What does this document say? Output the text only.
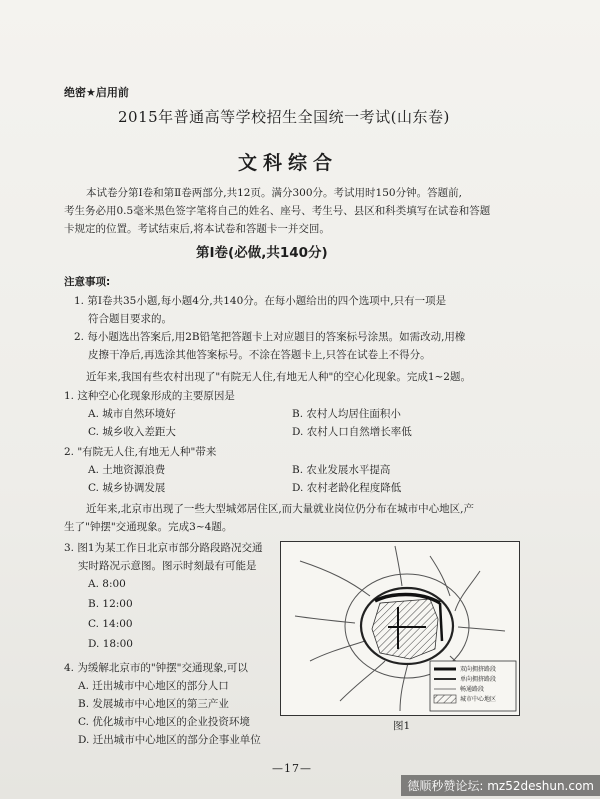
绝密★启用前
2015年普通高等学校招生全国统一考试(山东卷)
文科综合
本试卷分第Ⅰ卷和第Ⅱ卷两部分,共12页。满分300分。考试用时150分钟。答题前,
考生务必用0.5毫米黑色签字笔将自己的姓名、座号、考生号、县区和科类填写在试卷和答题
卡规定的位置。考试结束后,将本试卷和答题卡一并交回。
第Ⅰ卷(必做,共140分)
注意事项:
1. 第Ⅰ卷共35小题,每小题4分,共140分。在每小题给出的四个选项中,只有一项是
符合题目要求的。
2. 每小题选出答案后,用2B铅笔把答题卡上对应题目的答案标号涂黑。如需改动,用橡
皮擦干净后,再选涂其他答案标号。不涂在答题卡上,只答在试卷上不得分。
近年来,我国有些农村出现了"有院无人住,有地无人种"的空心化现象。完成1~2题。
1. 这种空心化现象形成的主要原因是
A. 城市自然环境好	B. 农村人均居住面积小
C. 城乡收入差距大	D. 农村人口自然增长率低
2. "有院无人住,有地无人种"带来
A. 土地资源浪费	B. 农业发展水平提高
C. 城乡协调发展	D. 农村老龄化程度降低
近年来,北京市出现了一些大型城郊居住区,而大量就业岗位仍分布在城市中心地区,产
生了"钟摆"交通现象。完成3~4题。
3. 图1为某工作日北京市部分路段路况交通
实时路况示意图。图示时刻最有可能是
A. 8:00
B. 12:00
C. 14:00
D. 18:00
4. 为缓解北京市的"钟摆"交通现象,可以
A. 迁出城市中心地区的部分人口
B. 发展城市中心地区的第三产业
C. 优化城市中心地区的企业投资环境
D. 迁出城市中心地区的部分企事业单位
双向拥挤路段
单向拥挤路段
畅通路段
城市中心地区
图1
—17—
德顺秒赞论坛: mz52deshun.com
